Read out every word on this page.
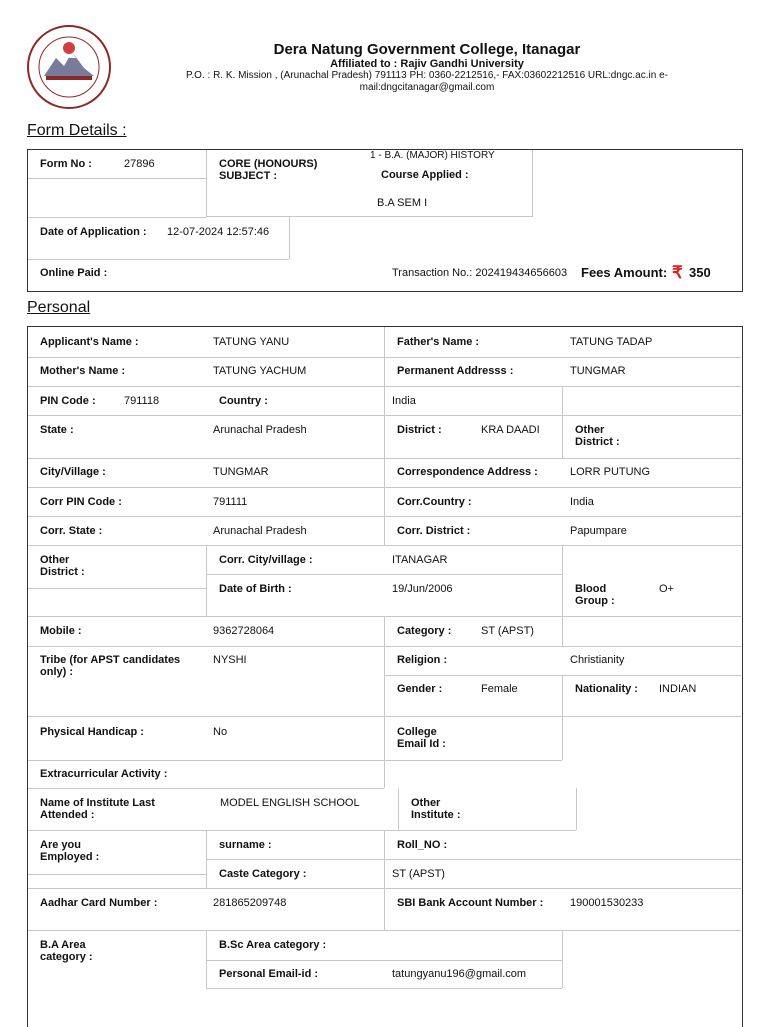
Dera Natung Government College, Itanagar
Affiliated to : Rajiv Gandhi University
P.O. : R. K. Mission , (Arunachal Pradesh) 791113 PH: 0360-2212516,- FAX:03602212516 URL:dngc.ac.in e-
mail:dngcitanagar@gmail.com
Form Details :
Form No :	27896	CORE (HONOURS) SUBJECT :
1 - B.A. (MAJOR) HISTORY
Course Applied :
B.A SEM I
Date of Application :	12-07-2024 12:57:46
Online Paid :	Transaction No.: 202419434656603 Fees Amount: ₹ 350
Personal
Applicant's Name :	TATUNG YANU	Father's Name :	TATUNG TADAP
Mother's Name :	TATUNG YACHUM	Permanent Addresss :	TUNGMAR
PIN Code :	791118	Country :	India
State :	Arunachal Pradesh	District :	KRA DAADI	Other District :
City/Village :	TUNGMAR	Correspondence Address :	LORR PUTUNG
Corr PIN Code :	791111	Corr.Country :	India
Corr. State :	Arunachal Pradesh	Corr. District :	Papumpare
Other District :
Corr. City/village :	ITANAGAR
Date of Birth :	19/Jun/2006	Blood Group :
O+
Mobile :	9362728064	Category :	ST (APST)
Tribe (for APST candidates only) :
NYSHI	Religion :	Christianity
Gender :	Female	Nationality :	INDIAN
Physical Handicap :	No	College Email Id :
Extracurricular Activity :
Name of Institute Last Attended :
MODEL ENGLISH SCHOOL	Other Institute :
Are you Employed :
surname :	Roll_NO :
Caste Category :	ST (APST)
Aadhar Card Number :	281865209748	SBI Bank Account Number :	190001530233
B.A Area category :
B.Sc Area category :
Personal Email-id :	tatungyanu196@gmail.com
